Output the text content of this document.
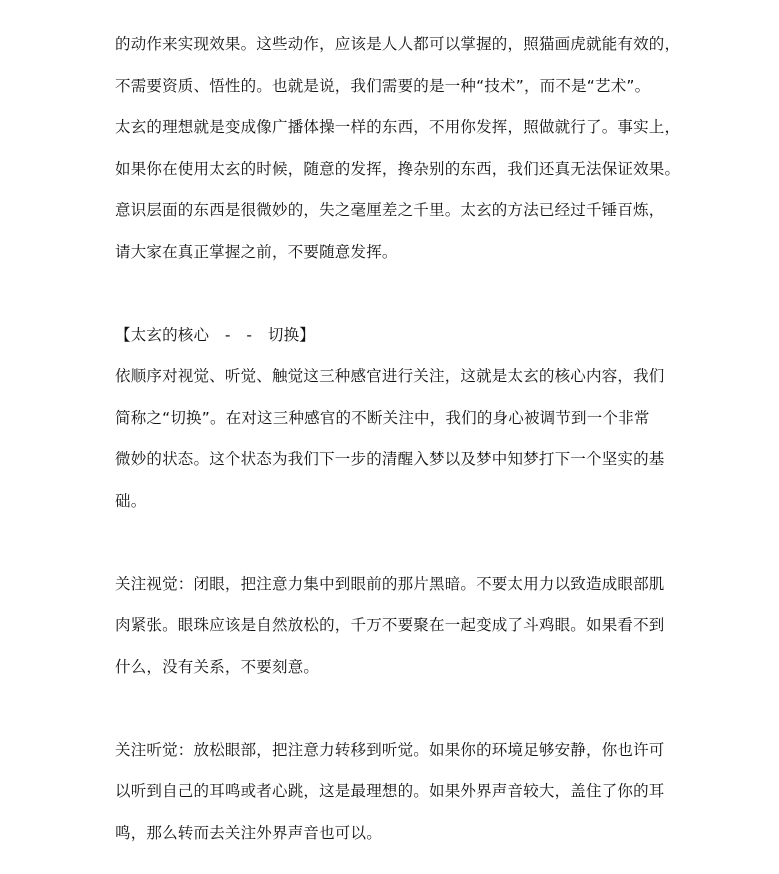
的动作来实现效果。这些动作，应该是人人都可以掌握的，照猫画虎就能有效的，
不需要资质、悟性的。也就是说，我们需要的是一种“技术”，而不是“艺术”。
太玄的理想就是变成像广播体操一样的东西，不用你发挥，照做就行了。事实上，
如果你在使用太玄的时候，随意的发挥，搀杂别的东西，我们还真无法保证效果。
意识层面的东西是很微妙的，失之毫厘差之千里。太玄的方法已经过千锤百炼，
请大家在真正掌握之前，不要随意发挥。
【太玄的核心　-　-　切换】
依顺序对视觉、听觉、触觉这三种感官进行关注，这就是太玄的核心内容，我们
简称之“切换”。在对这三种感官的不断关注中，我们的身心被调节到一个非常
微妙的状态。这个状态为我们下一步的清醒入梦以及梦中知梦打下一个坚实的基
础。
关注视觉：闭眼，把注意力集中到眼前的那片黑暗。不要太用力以致造成眼部肌
肉紧张。眼珠应该是自然放松的，千万不要聚在一起变成了斗鸡眼。如果看不到
什么，没有关系，不要刻意。
关注听觉：放松眼部，把注意力转移到听觉。如果你的环境足够安静，你也许可
以听到自己的耳鸣或者心跳，这是最理想的。如果外界声音较大，盖住了你的耳
鸣，那么转而去关注外界声音也可以。
